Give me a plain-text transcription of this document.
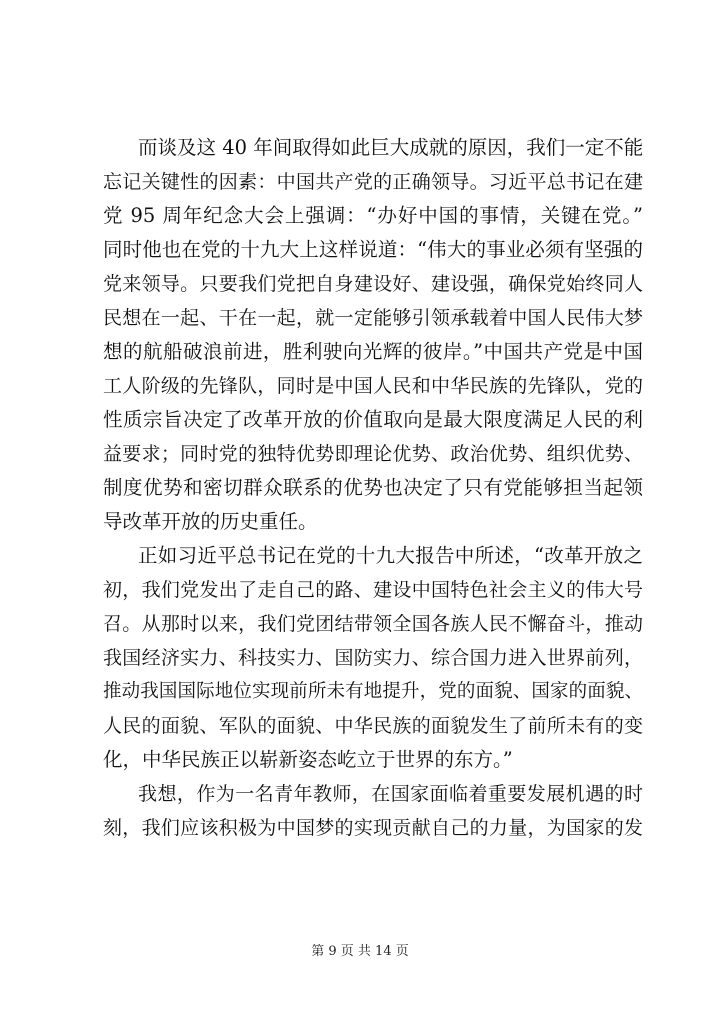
而谈及这 40 年间取得如此巨大成就的原因，我们一定不能
忘记关键性的因素：中国共产党的正确领导。习近平总书记在建
党 95 周年纪念大会上强调：“办好中国的事情，关键在党。”
同时他也在党的十九大上这样说道：“伟大的事业必须有坚强的
党来领导。只要我们党把自身建设好、建设强，确保党始终同人
民想在一起、干在一起，就一定能够引领承载着中国人民伟大梦
想的航船破浪前进，胜利驶向光辉的彼岸。”中国共产党是中国
工人阶级的先锋队，同时是中国人民和中华民族的先锋队，党的
性质宗旨决定了改革开放的价值取向是最大限度满足人民的利
益要求；同时党的独特优势即理论优势、政治优势、组织优势、
制度优势和密切群众联系的优势也决定了只有党能够担当起领
导改革开放的历史重任。
正如习近平总书记在党的十九大报告中所述，“改革开放之
初，我们党发出了走自己的路、建设中国特色社会主义的伟大号
召。从那时以来，我们党团结带领全国各族人民不懈奋斗，推动
我国经济实力、科技实力、国防实力、综合国力进入世界前列，
推动我国国际地位实现前所未有地提升，党的面貌、国家的面貌、
人民的面貌、军队的面貌、中华民族的面貌发生了前所未有的变
化，中华民族正以崭新姿态屹立于世界的东方。”
我想，作为一名青年教师，在国家面临着重要发展机遇的时
刻，我们应该积极为中国梦的实现贡献自己的力量，为国家的发
第 9 页 共 14 页
